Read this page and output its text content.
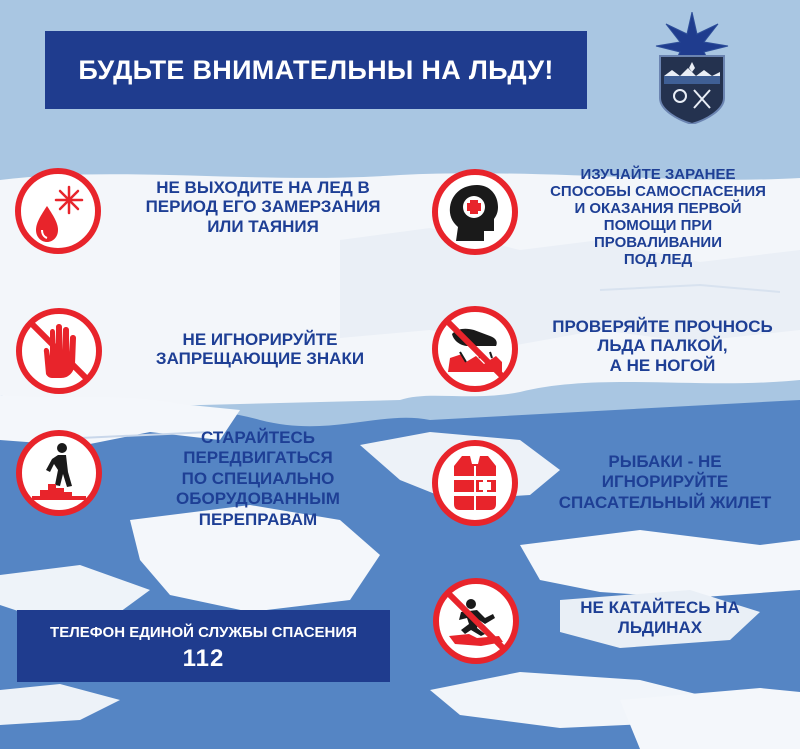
БУДЬТЕ ВНИМАТЕЛЬНЫ НА ЛЬДУ!
НЕ ВЫХОДИТЕ НА ЛЕД В
ПЕРИОД ЕГО ЗАМЕРЗАНИЯ
ИЛИ ТАЯНИЯ
ИЗУЧАЙТЕ ЗАРАНЕЕ
СПОСОБЫ САМОСПАСЕНИЯ
И ОКАЗАНИЯ ПЕРВОЙ
ПОМОЩИ ПРИ
ПРОВАЛИВАНИИ
ПОД ЛЕД
НЕ ИГНОРИРУЙТЕ
ЗАПРЕЩАЮЩИЕ ЗНАКИ
ПРОВЕРЯЙТЕ ПРОЧНОСЬ
ЛЬДА ПАЛКОЙ,
А НЕ НОГОЙ
СТАРАЙТЕСЬ
ПЕРЕДВИГАТЬСЯ
ПО СПЕЦИАЛЬНО
ОБОРУДОВАННЫМ
ПЕРЕПРАВАМ
РЫБАКИ - НЕ
ИГНОРИРУЙТЕ
СПАСАТЕЛЬНЫЙ ЖИЛЕТ
НЕ КАТАЙТЕСЬ НА
ЛЬДИНАХ
ТЕЛЕФОН ЕДИНОЙ СЛУЖБЫ СПАСЕНИЯ
112
